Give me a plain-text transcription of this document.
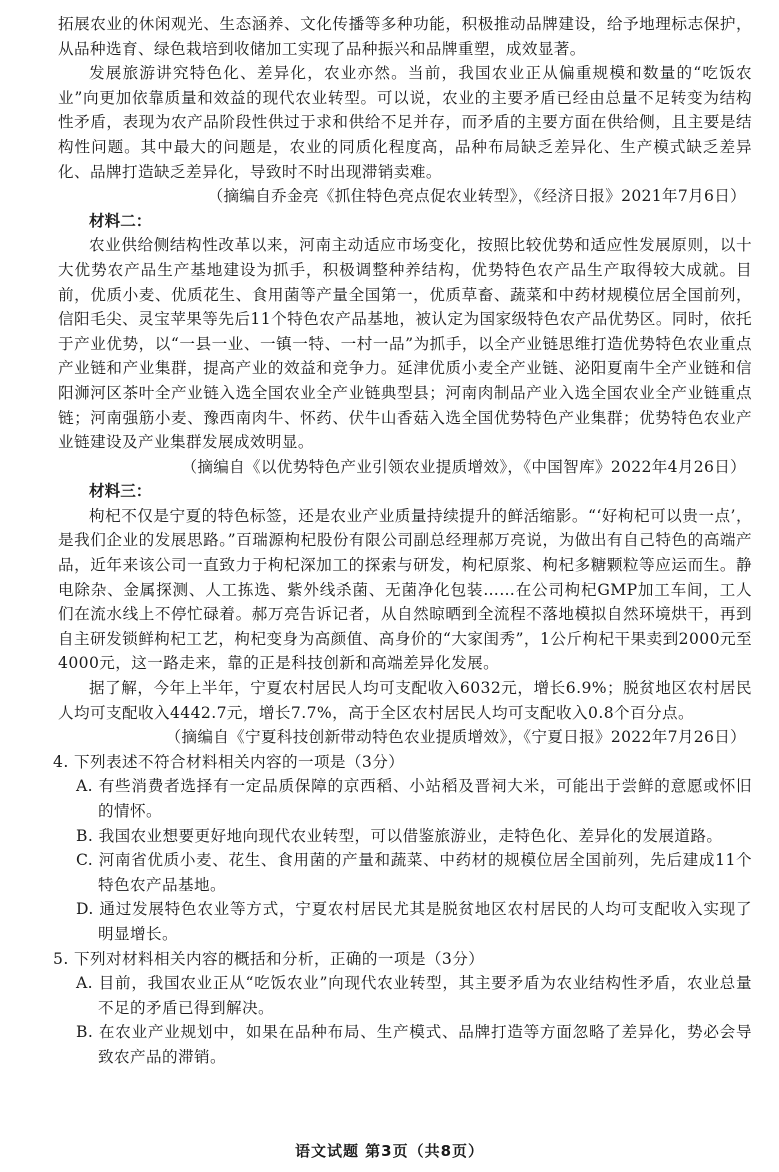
拓展农业的休闲观光、生态涵养、文化传播等多种功能，积极推动品牌建设，给予地理标志保护，从品种选育、绿色栽培到收储加工实现了品种振兴和品牌重塑，成效显著。

发展旅游讲究特色化、差异化，农业亦然。当前，我国农业正从偏重规模和数量的“吃饭农业”向更加依靠质量和效益的现代农业转型。可以说，农业的主要矛盾已经由总量不足转变为结构性矛盾，表现为农产品阶段性供过于求和供给不足并存，而矛盾的主要方面在供给侧，且主要是结构性问题。其中最大的问题是，农业的同质化程度高，品种布局缺乏差异化、生产模式缺乏差异化、品牌打造缺乏差异化，导致时不时出现滞销卖难。

（摘编自乔金亮《抓住特色亮点促农业转型》，《经济日报》2021年7月6日）

材料二：

农业供给侧结构性改革以来，河南主动适应市场变化，按照比较优势和适应性发展原则，以十大优势农产品生产基地建设为抓手，积极调整种养结构，优势特色农产品生产取得较大成就。目前，优质小麦、优质花生、食用菌等产量全国第一，优质草畜、蔬菜和中药材规模位居全国前列，信阳毛尖、灵宝苹果等先后11个特色农产品基地，被认定为国家级特色农产品优势区。同时，依托于产业优势，以“一县一业、一镇一特、一村一品”为抓手，以全产业链思维打造优势特色农业重点产业链和产业集群，提高产业的效益和竞争力。延津优质小麦全产业链、泌阳夏南牛全产业链和信阳浉河区茶叶全产业链入选全国农业全产业链典型县；河南肉制品产业入选全国农业全产业链重点链；河南强筋小麦、豫西南肉牛、怀药、伏牛山香菇入选全国优势特色产业集群；优势特色农业产业链建设及产业集群发展成效明显。

（摘编自《以优势特色产业引领农业提质增效》，《中国智库》2022年4月26日）

材料三：

枸杞不仅是宁夏的特色标签，还是农业产业质量持续提升的鲜活缩影。“‘好枸杞可以贵一点’，是我们企业的发展思路。”百瑞源枸杞股份有限公司副总经理郝万亮说，为做出有自己特色的高端产品，近年来该公司一直致力于枸杞深加工的探索与研发，枸杞原浆、枸杞多糖颗粒等应运而生。静电除杂、金属探测、人工拣选、紫外线杀菌、无菌净化包装……在公司枸杞GMP加工车间，工人们在流水线上不停忙碌着。郝万亮告诉记者，从自然晾晒到全流程不落地模拟自然环境烘干，再到自主研发锁鲜枸杞工艺，枸杞变身为高颜值、高身价的“大家闺秀”，1公斤枸杞干果卖到2000元至4000元，这一路走来，靠的正是科技创新和高端差异化发展。

据了解，今年上半年，宁夏农村居民人均可支配收入6032元，增长6.9%；脱贫地区农村居民人均可支配收入4442.7元，增长7.7%，高于全区农村居民人均可支配收入0.8个百分点。

（摘编自《宁夏科技创新带动特色农业提质增效》，《宁夏日报》2022年7月26日）

4. 下列表述不符合材料相关内容的一项是（3分）

A. 有些消费者选择有一定品质保障的京西稻、小站稻及晋祠大米，可能出于尝鲜的意愿或怀旧的情怀。

B. 我国农业想要更好地向现代农业转型，可以借鉴旅游业，走特色化、差异化的发展道路。

C. 河南省优质小麦、花生、食用菌的产量和蔬菜、中药材的规模位居全国前列，先后建成11个特色农产品基地。

D. 通过发展特色农业等方式，宁夏农村居民尤其是脱贫地区农村居民的人均可支配收入实现了明显增长。

5. 下列对材料相关内容的概括和分析，正确的一项是（3分）

A. 目前，我国农业正从“吃饭农业”向现代农业转型，其主要矛盾为农业结构性矛盾，农业总量不足的矛盾已得到解决。

B. 在农业产业规划中，如果在品种布局、生产模式、品牌打造等方面忽略了差异化，势必会导致农产品的滞销。

语文试题 第3页（共8页）
